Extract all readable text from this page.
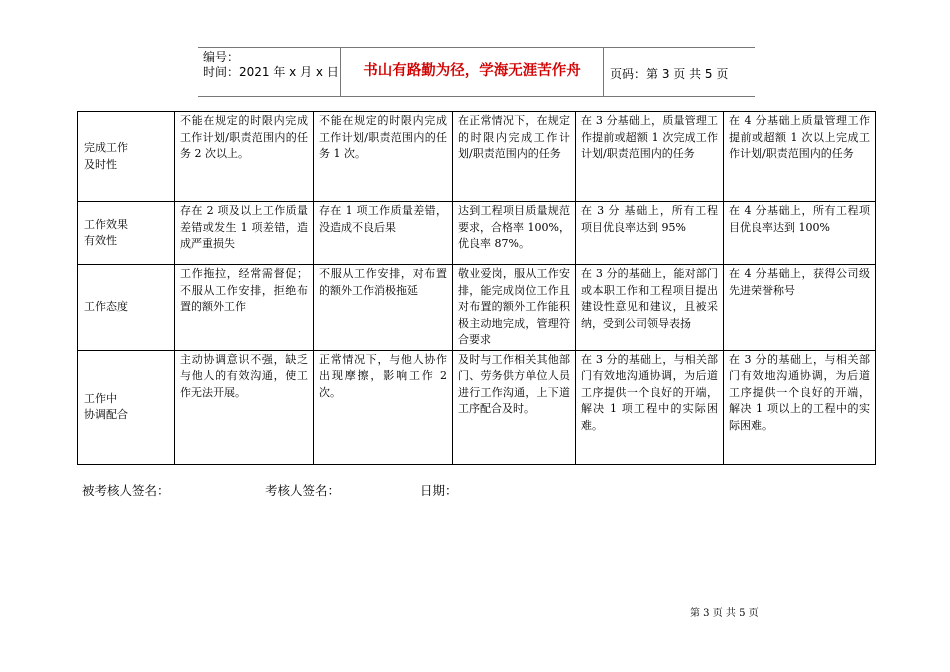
编号：
时间：2021 年 x 月 x 日	书山有路勤为径，学海无涯苦作舟	页码：第 3 页 共 5 页
完成工作
及时性	不能在规定的时限内完成工作计划/职责范围内的任务 2 次以上。	不能在规定的时限内完成工作计划/职责范围内的任务 1 次。	在正常情况下，在规定的时限内完成工作计划/职责范围内的任务	在 3 分基础上，质量管理工作提前或超额 1 次完成工作计划/职责范围内的任务	在 4 分基础上质量管理工作提前或超额 1 次以上完成工作计划/职责范围内的任务
工作效果
有效性	存在 2 项及以上工作质量差错或发生 1 项差错，造成严重损失	存在 1 项工作质量差错，没造成不良后果	达到工程项目质量规范要求，合格率 100%，优良率 87%。	在 3 分 基础上，所有工程项目优良率达到 95%	在 4 分基础上，所有工程项目优良率达到 100%
工作态度	工作拖拉，经常需督促；不服从工作安排，拒绝布置的额外工作	不服从工作安排，对布置的额外工作消极拖延	敬业爱岗，服从工作安排，能完成岗位工作且对布置的额外工作能积极主动地完成，管理符合要求	在 3 分的基础上，能对部门或本职工作和工程项目提出建设性意见和建议，且被采纳，受到公司领导表扬	在 4 分基础上，获得公司级先进荣誉称号
工作中
协调配合	主动协调意识不强，缺乏与他人的有效沟通，使工作无法开展。	正常情况下，与他人协作出现摩擦，影响工作 2 次。	及时与工作相关其他部门、劳务供方单位人员进行工作沟通，上下道工序配合及时。	在 3 分的基础上，与相关部门有效地沟通协调，为后道工序提供一个良好的开端，解决 1 项工程中的实际困难。	在 3 分的基础上，与相关部门有效地沟通协调，为后道工序提供一个良好的开端，解决 1 项以上的工程中的实际困难。
被考核人签名：	考核人签名：	日期：
第 3 页 共 5 页
